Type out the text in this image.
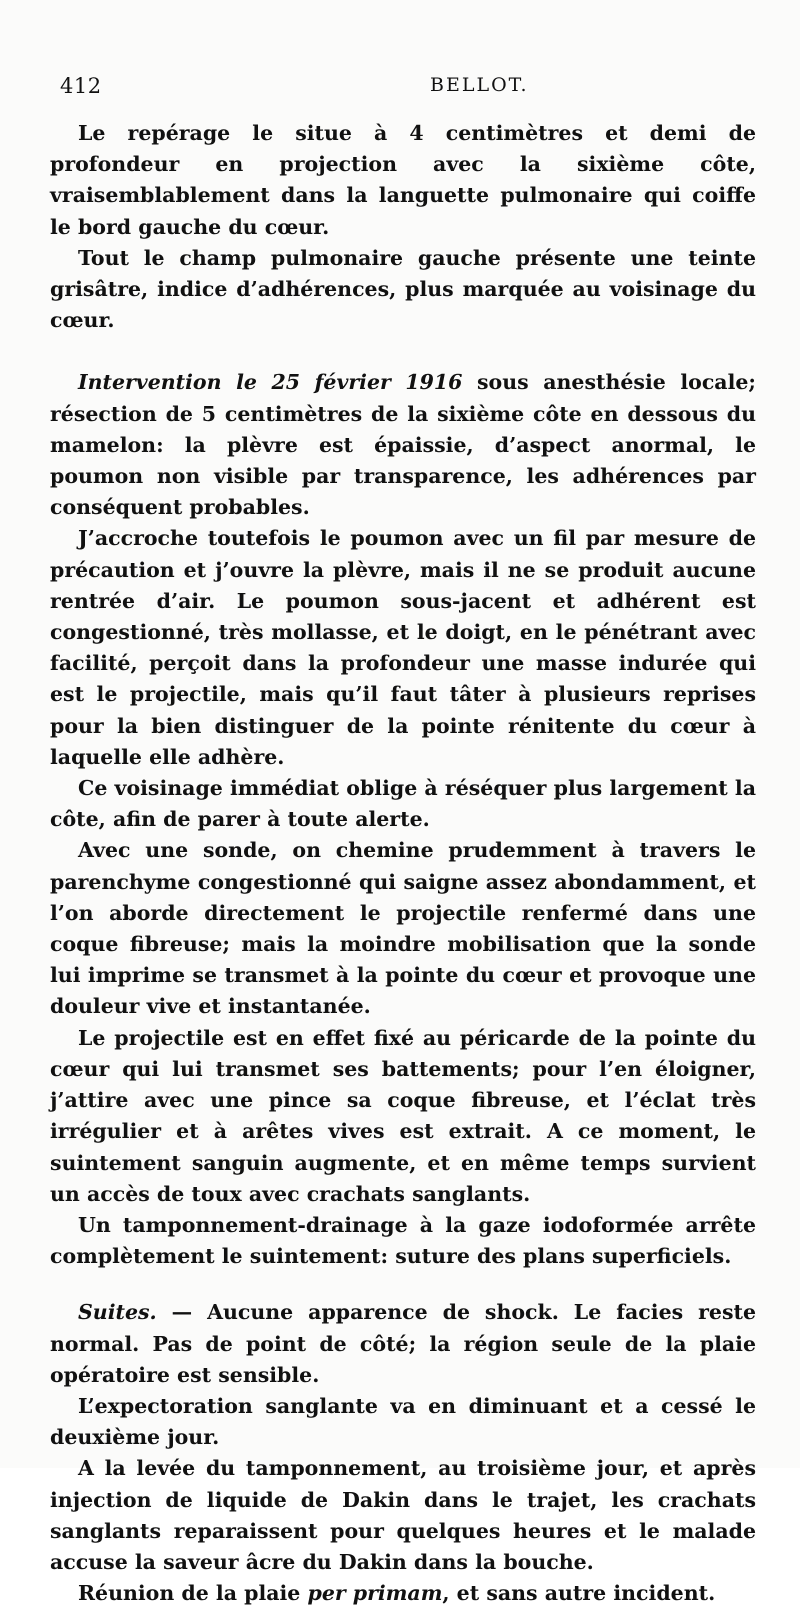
412	BELLOT.

Le repérage le situe à 4 centimètres et demi de profondeur en projection avec la sixième côte, vraisemblablement dans la languette pulmonaire qui coiffe le bord gauche du cœur.

Tout le champ pulmonaire gauche présente une teinte grisâtre, indice d’adhérences, plus marquée au voisinage du cœur.

Intervention le 25 février 1916 sous anesthésie locale; résection de 5 centimètres de la sixième côte en dessous du mamelon: la plèvre est épaissie, d’aspect anormal, le poumon non visible par transparence, les adhérences par conséquent probables.

J’accroche toutefois le poumon avec un fil par mesure de précaution et j’ouvre la plèvre, mais il ne se produit aucune rentrée d’air. Le poumon sous-jacent et adhérent est congestionné, très mollasse, et le doigt, en le pénétrant avec facilité, perçoit dans la profondeur une masse indurée qui est le projectile, mais qu’il faut tâter à plusieurs reprises pour la bien distinguer de la pointe rénitente du cœur à laquelle elle adhère.

Ce voisinage immédiat oblige à réséquer plus largement la côte, afin de parer à toute alerte.

Avec une sonde, on chemine prudemment à travers le parenchyme congestionné qui saigne assez abondamment, et l’on aborde directement le projectile renfermé dans une coque fibreuse; mais la moindre mobilisation que la sonde lui imprime se transmet à la pointe du cœur et provoque une douleur vive et instantanée.

Le projectile est en effet fixé au péricarde de la pointe du cœur qui lui transmet ses battements; pour l’en éloigner, j’attire avec une pince sa coque fibreuse, et l’éclat très irrégulier et à arêtes vives est extrait. A ce moment, le suintement sanguin augmente, et en même temps survient un accès de toux avec crachats sanglants.

Un tamponnement-drainage à la gaze iodoformée arrête complètement le suintement: suture des plans superficiels.

Suites. — Aucune apparence de shock. Le facies reste normal. Pas de point de côté; la région seule de la plaie opératoire est sensible.

L’expectoration sanglante va en diminuant et a cessé le deuxième jour.

A la levée du tamponnement, au troisième jour, et après injection de liquide de Dakin dans le trajet, les crachats sanglants reparaissent pour quelques heures et le malade accuse la saveur âcre du Dakin dans la bouche.

Réunion de la plaie per primam, et sans autre incident.
